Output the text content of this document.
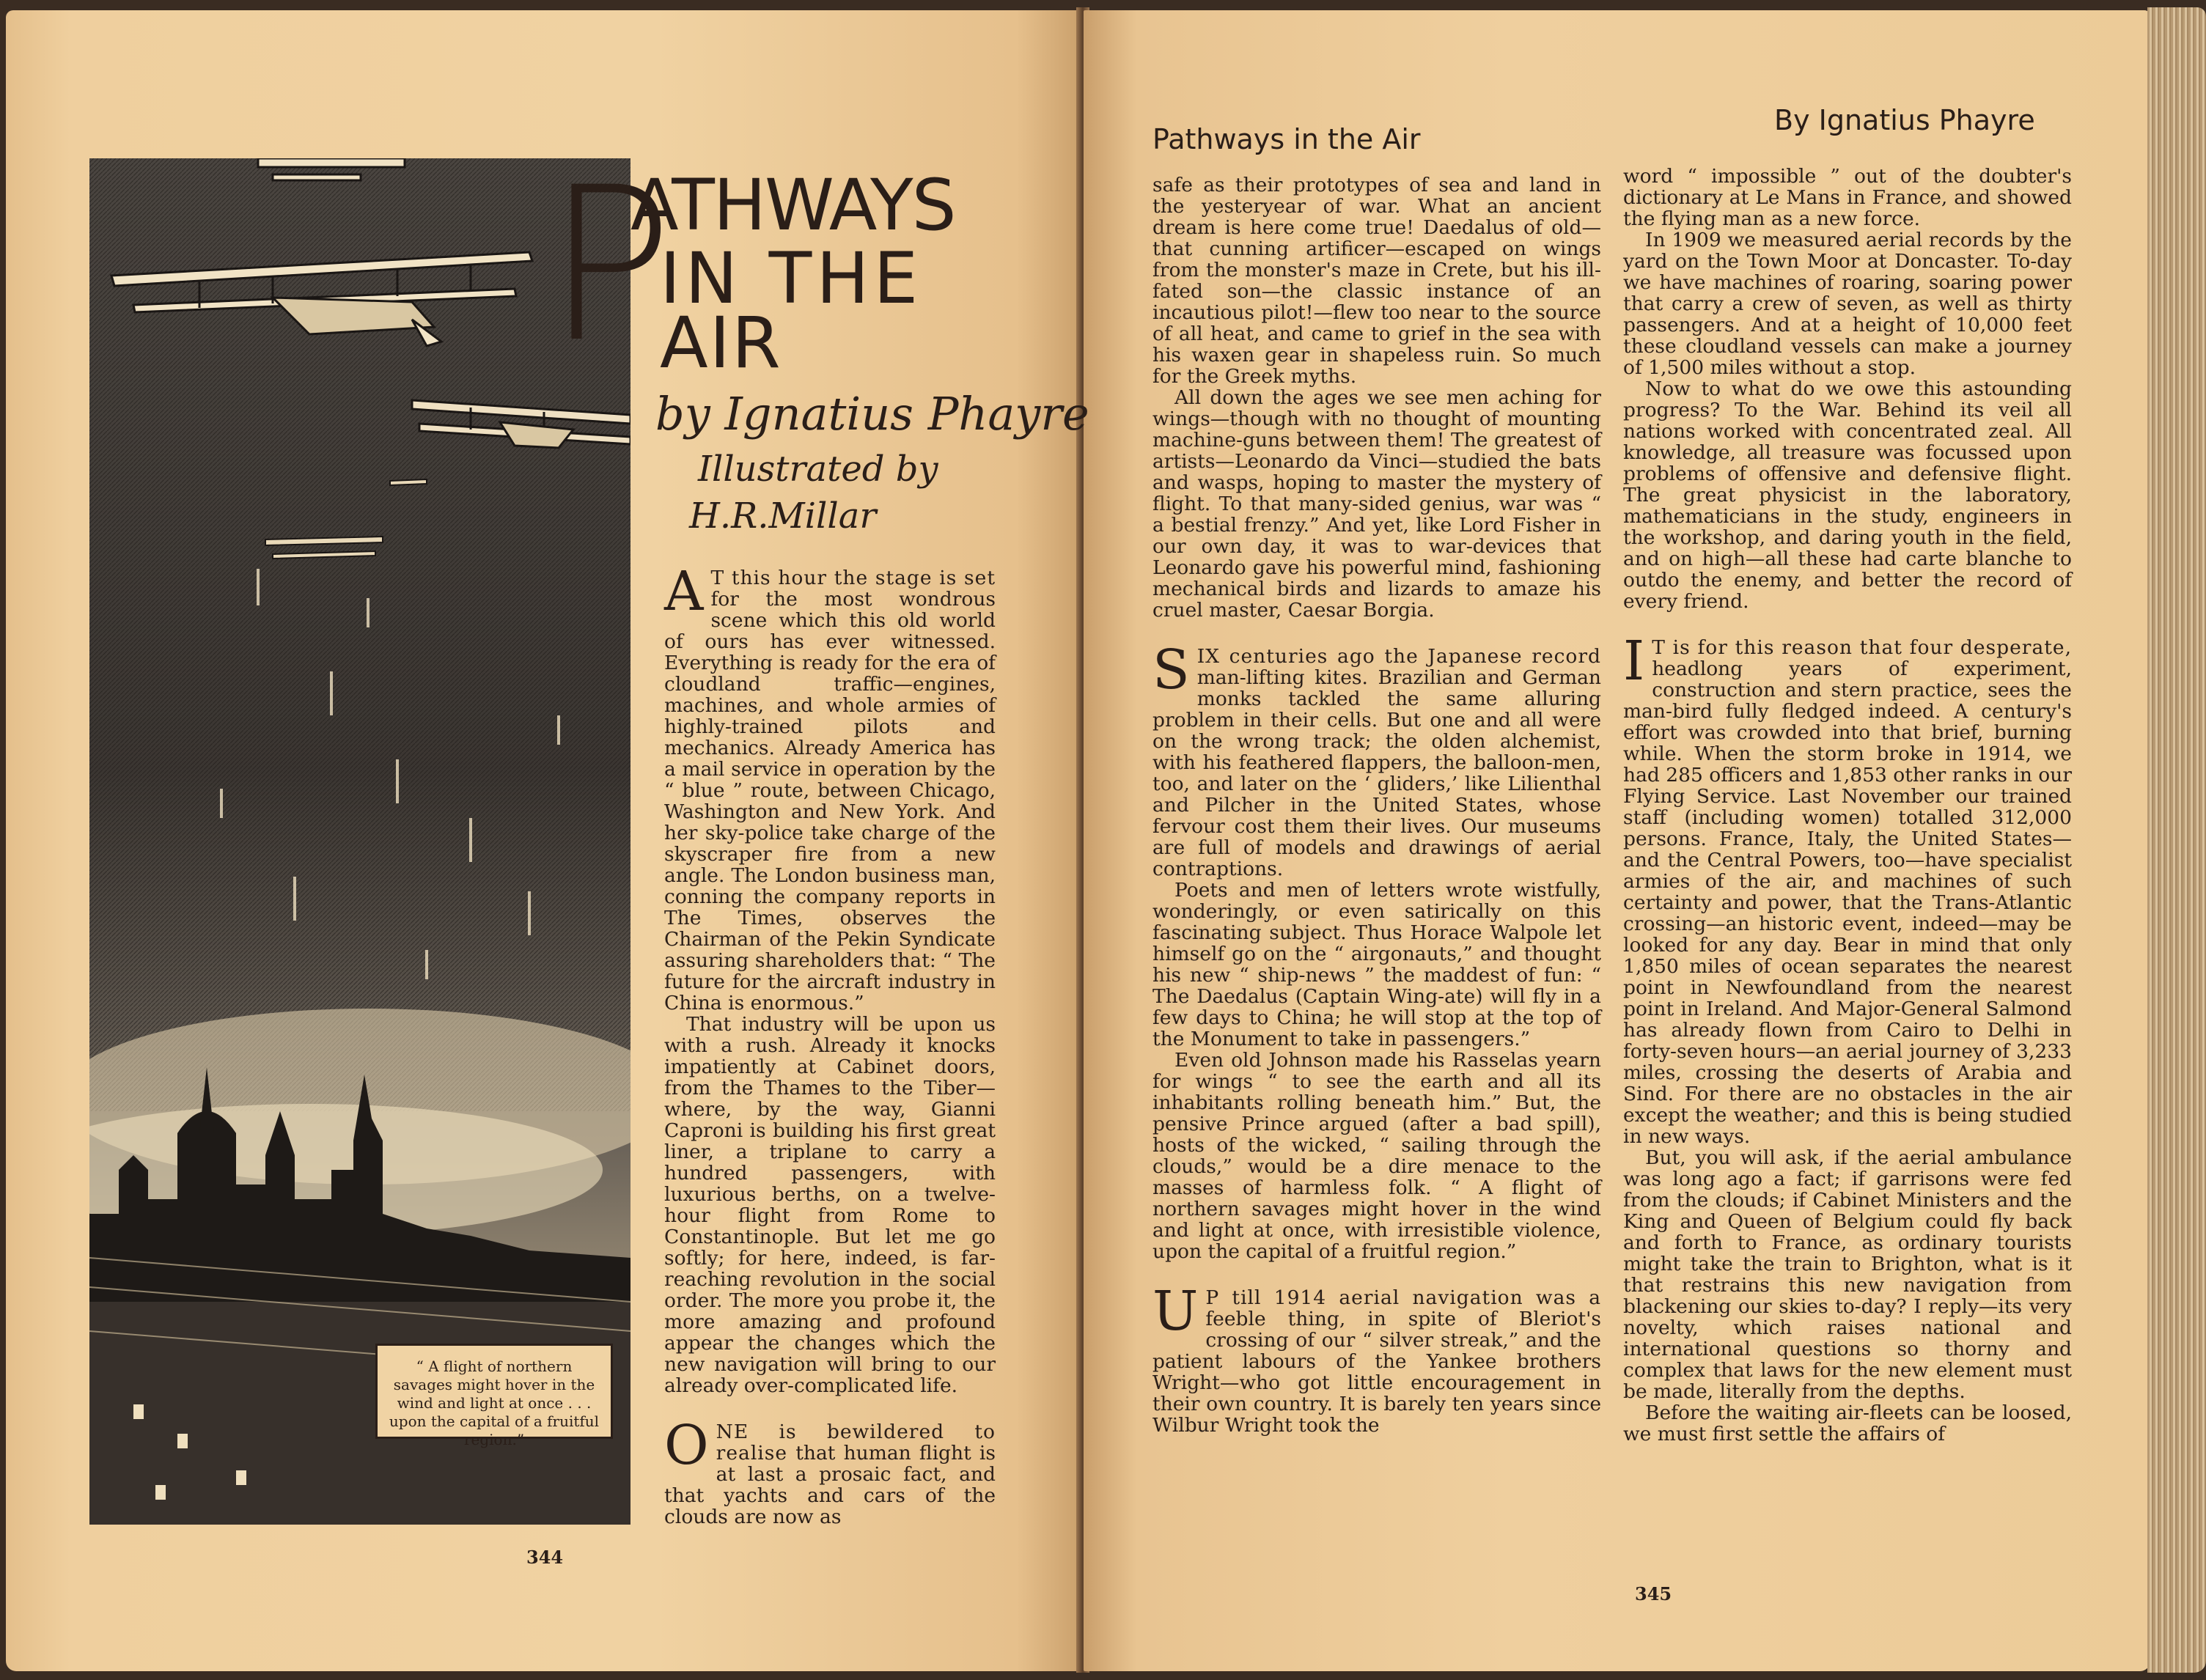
“ A flight of northern savages might hover in the wind and light at once . . . upon the capital of a fruitful region.”
P
ATHWAYS
IN THE
AIR
by Ignatius Phayre
Illustrated by
H.R.Millar

A T this hour the stage is set for the most wondrous scene which this old world of ours has ever witnessed. Everything is ready for the era of cloudland traffic—engines, machines, and whole armies of highly-trained pilots and mechanics. Already America has a mail service in operation by the “ blue ” route, between Chicago, Washington and New York. And her sky-police take charge of the skyscraper fire from a new angle. The London business man, conning the company reports in The Times, observes the Chairman of the Pekin Syndicate assuring shareholders that: “ The future for the aircraft industry in China is enormous.”

That industry will be upon us with a rush. Already it knocks impatiently at Cabinet doors, from the Thames to the Tiber—where, by the way, Gianni Caproni is building his first great liner, a triplane to carry a hundred passengers, with luxurious berths, on a twelve-hour flight from Rome to Constantinople. But let me go softly; for here, indeed, is far-reaching revolution in the social order. The more you probe it, the more amazing and profound appear the changes which the new navigation will bring to our already over-complicated life.

ONE is bewildered to realise that human flight is at last a prosaic fact, and that yachts and cars of the clouds are now as

344
Pathways in the Air
By Ignatius Phayre

safe as their prototypes of sea and land in the yesteryear of war. What an ancient dream is here come true! Daedalus of old—that cunning artificer—escaped on wings from the monster's maze in Crete, but his ill-fated son—the classic instance of an incautious pilot!—flew too near to the source of all heat, and came to grief in the sea with his waxen gear in shapeless ruin. So much for the Greek myths.

All down the ages we see men aching for wings—though with no thought of mounting machine-guns between them! The greatest of artists—Leonardo da Vinci—studied the bats and wasps, hoping to master the mystery of flight. To that many-sided genius, war was “ a bestial frenzy.” And yet, like Lord Fisher in our own day, it was to war-devices that Leonardo gave his powerful mind, fashioning mechanical birds and lizards to amaze his cruel master, Caesar Borgia.

SIX centuries ago the Japanese record man-lifting kites. Brazilian and German monks tackled the same alluring problem in their cells. But one and all were on the wrong track; the olden alchemist, with his feathered flappers, the balloon-men, too, and later on the ‘ gliders,’ like Lilienthal and Pilcher in the United States, whose fervour cost them their lives. Our museums are full of models and drawings of aerial contraptions.

Poets and men of letters wrote wistfully, wonderingly, or even satirically on this fascinating subject. Thus Horace Walpole let himself go on the “ airgonauts,” and thought his new “ ship-news ” the maddest of fun: “ The Daedalus (Captain Wing-ate) will fly in a few days to China; he will stop at the top of the Monument to take in passengers.”

Even old Johnson made his Rasselas yearn for wings “ to see the earth and all its inhabitants rolling beneath him.” But, the pensive Prince argued (after a bad spill), hosts of the wicked, “ sailing through the clouds,” would be a dire menace to the masses of harmless folk. “ A flight of northern savages might hover in the wind and light at once, with irresistible violence, upon the capital of a fruitful region.”

U P till 1914 aerial navigation was a feeble thing, in spite of Bleriot's crossing of our “ silver streak,” and the patient labours of the Yankee brothers Wright—who got little encouragement in their own country. It is barely ten years since Wilbur Wright took the

word “ impossible ” out of the doubter's dictionary at Le Mans in France, and showed the flying man as a new force.

In 1909 we measured aerial records by the yard on the Town Moor at Doncaster. To-day we have machines of roaring, soaring power that carry a crew of seven, as well as thirty passengers. And at a height of 10,000 feet these cloudland vessels can make a journey of 1,500 miles without a stop.

Now to what do we owe this astounding progress? To the War. Behind its veil all nations worked with concentrated zeal. All knowledge, all treasure was focussed upon problems of offensive and defensive flight. The great physicist in the laboratory, mathematicians in the study, engineers in the workshop, and daring youth in the field, and on high—all these had carte blanche to outdo the enemy, and better the record of every friend.

I T is for this reason that four desperate, headlong years of experiment, construction and stern practice, sees the man-bird fully fledged indeed. A century's effort was crowded into that brief, burning while. When the storm broke in 1914, we had 285 officers and 1,853 other ranks in our Flying Service. Last November our trained staff (including women) totalled 312,000 persons. France, Italy, the United States—and the Central Powers, too—have specialist armies of the air, and machines of such certainty and power, that the Trans-Atlantic crossing—an historic event, indeed—may be looked for any day. Bear in mind that only 1,850 miles of ocean separates the nearest point in Newfoundland from the nearest point in Ireland. And Major-General Salmond has already flown from Cairo to Delhi in forty-seven hours—an aerial journey of 3,233 miles, crossing the deserts of Arabia and Sind. For there are no obstacles in the air except the weather; and this is being studied in new ways.

But, you will ask, if the aerial ambulance was long ago a fact; if garrisons were fed from the clouds; if Cabinet Ministers and the King and Queen of Belgium could fly back and forth to France, as ordinary tourists might take the train to Brighton, what is it that restrains this new navigation from blackening our skies to-day? I reply—its very novelty, which raises national and international questions so thorny and complex that laws for the new element must be made, literally from the depths.

Before the waiting air-fleets can be loosed, we must first settle the affairs of

345
